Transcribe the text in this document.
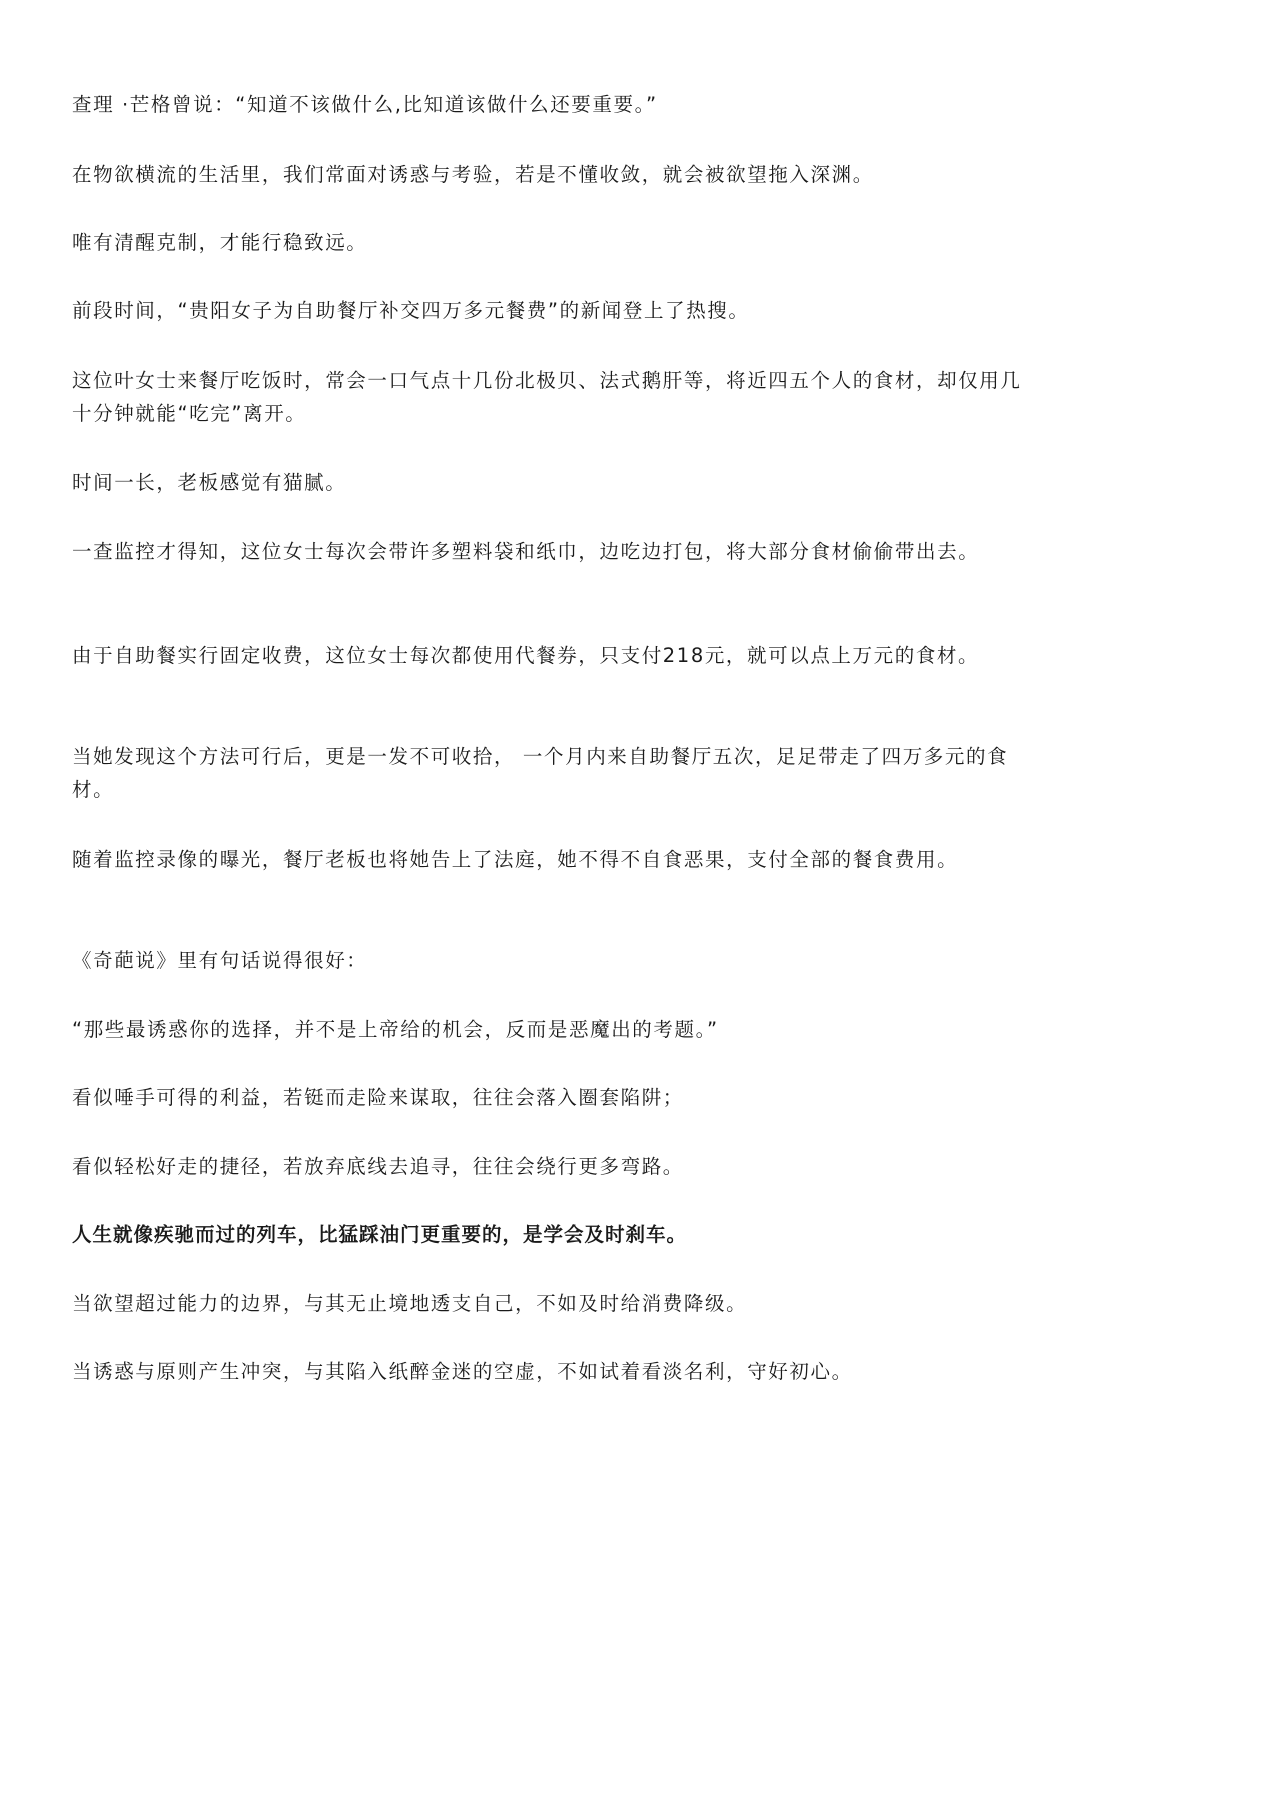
查理 ·芒格曾说：“知道不该做什么,比知道该做什么还要重要。”

在物欲横流的生活里，我们常面对诱惑与考验，若是不懂收敛，就会被欲望拖入深渊。

唯有清醒克制，才能行稳致远。

前段时间，“贵阳女子为自助餐厅补交四万多元餐费”的新闻登上了热搜。

这位叶女士来餐厅吃饭时，常会一口气点十几份北极贝、法式鹅肝等，将近四五个人的食材，却仅用几十分钟就能“吃完”离开。

时间一长，老板感觉有猫腻。

一查监控才得知，这位女士每次会带许多塑料袋和纸巾，边吃边打包，将大部分食材偷偷带出去。

由于自助餐实行固定收费，这位女士每次都使用代餐券，只支付218元，就可以点上万元的食材。

当她发现这个方法可行后，更是一发不可收拾， 一个月内来自助餐厅五次，足足带走了四万多元的食材。

随着监控录像的曝光，餐厅老板也将她告上了法庭，她不得不自食恶果，支付全部的餐食费用。

《奇葩说》里有句话说得很好：

“那些最诱惑你的选择，并不是上帝给的机会，反而是恶魔出的考题。”

看似唾手可得的利益，若铤而走险来谋取，往往会落入圈套陷阱；

看似轻松好走的捷径，若放弃底线去追寻，往往会绕行更多弯路。

人生就像疾驰而过的列车，比猛踩油门更重要的，是学会及时刹车。

当欲望超过能力的边界，与其无止境地透支自己，不如及时给消费降级。

当诱惑与原则产生冲突，与其陷入纸醉金迷的空虚，不如试着看淡名利，守好初心。
